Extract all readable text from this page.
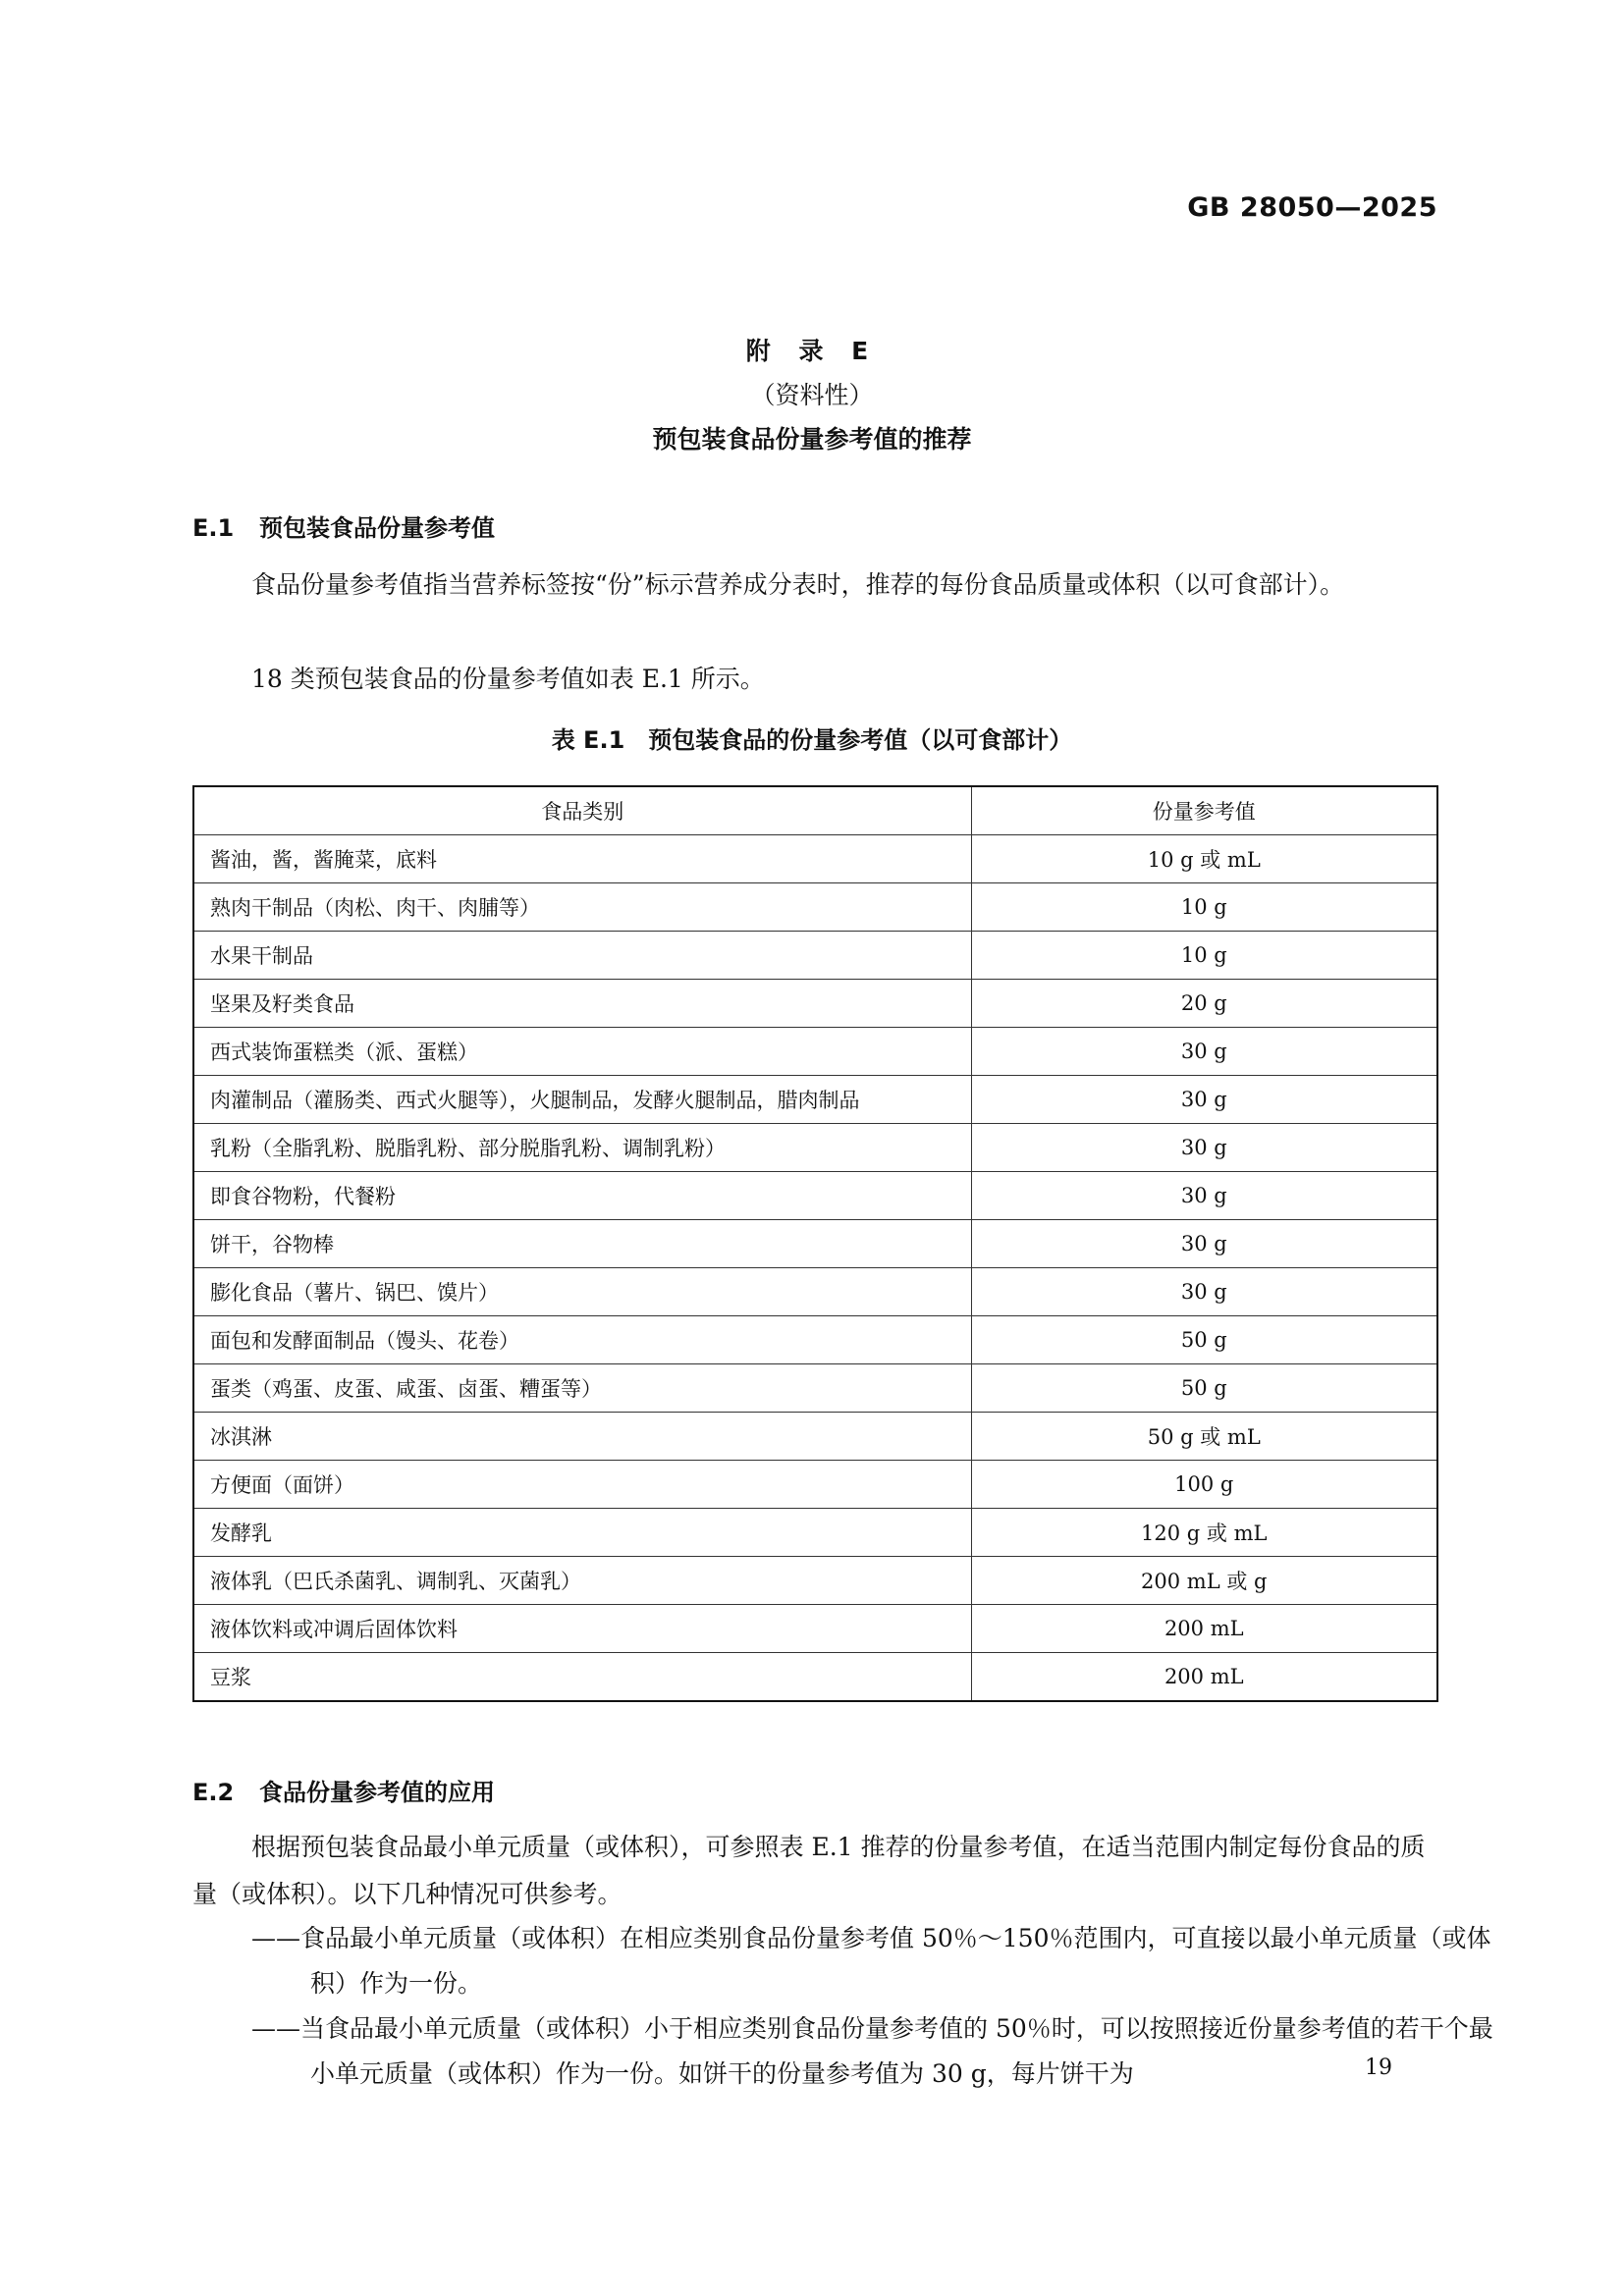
GB 28050—2025
附 录 E
（资料性）
预包装食品份量参考值的推荐
E.1 预包装食品份量参考值
食品份量参考值指当营养标签按“份”标示营养成分表时，推荐的每份食品质量或体积（以可食部计）。
18 类预包装食品的份量参考值如表 E.1 所示。
表 E.1　预包装食品的份量参考值（以可食部计）
食品类别	份量参考值
酱油，酱，酱腌菜，底料	10 g 或 mL
熟肉干制品（肉松、肉干、肉脯等）	10 g
水果干制品	10 g
坚果及籽类食品	20 g
西式装饰蛋糕类（派、蛋糕）	30 g
肉灌制品（灌肠类、西式火腿等），火腿制品，发酵火腿制品，腊肉制品	30 g
乳粉（全脂乳粉、脱脂乳粉、部分脱脂乳粉、调制乳粉）	30 g
即食谷物粉，代餐粉	30 g
饼干，谷物棒	30 g
膨化食品（薯片、锅巴、馍片）	30 g
面包和发酵面制品（馒头、花卷）	50 g
蛋类（鸡蛋、皮蛋、咸蛋、卤蛋、糟蛋等）	50 g
冰淇淋	50 g 或 mL
方便面（面饼）	100 g
发酵乳	120 g 或 mL
液体乳（巴氏杀菌乳、调制乳、灭菌乳）	200 mL 或 g
液体饮料或冲调后固体饮料	200 mL
豆浆	200 mL
E.2 食品份量参考值的应用
根据预包装食品最小单元质量（或体积），可参照表 E.1 推荐的份量参考值，在适当范围内制定每份食品的质量（或体积）。以下几种情况可供参考。
——食品最小单元质量（或体积）在相应类别食品份量参考值 50％～150％范围内，可直接以最小单元质量（或体积）作为一份。
——当食品最小单元质量（或体积）小于相应类别食品份量参考值的 50％时，可以按照接近份量参考值的若干个最小单元质量（或体积）作为一份。如饼干的份量参考值为 30 g，每片饼干为	19
